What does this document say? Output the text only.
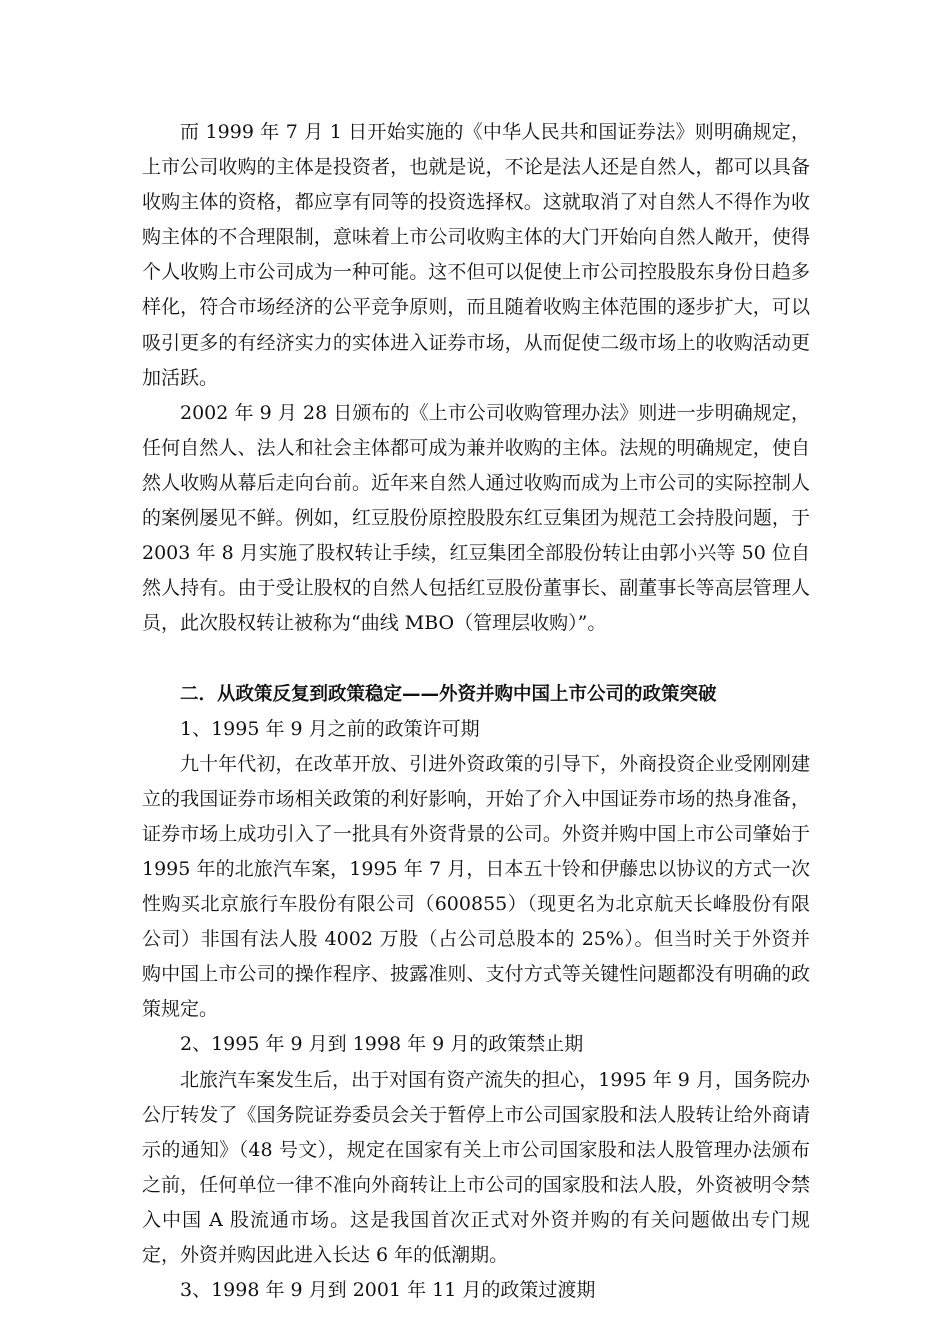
而 1999 年 7 月 1 日开始实施的《中华人民共和国证券法》则明确规定，上市公司收购的主体是投资者，也就是说，不论是法人还是自然人，都可以具备收购主体的资格，都应享有同等的投资选择权。这就取消了对自然人不得作为收购主体的不合理限制，意味着上市公司收购主体的大门开始向自然人敞开，使得个人收购上市公司成为一种可能。这不但可以促使上市公司控股股东身份日趋多样化，符合市场经济的公平竞争原则，而且随着收购主体范围的逐步扩大，可以吸引更多的有经济实力的实体进入证券市场，从而促使二级市场上的收购活动更加活跃。

2002 年 9 月 28 日颁布的《上市公司收购管理办法》则进一步明确规定，任何自然人、法人和社会主体都可成为兼并收购的主体。法规的明确规定，使自然人收购从幕后走向台前。近年来自然人通过收购而成为上市公司的实际控制人的案例屡见不鲜。例如，红豆股份原控股股东红豆集团为规范工会持股问题，于 2003 年 8 月实施了股权转让手续，红豆集团全部股份转让由郭小兴等 50 位自然人持有。由于受让股权的自然人包括红豆股份董事长、副董事长等高层管理人员，此次股权转让被称为“曲线 MBO（管理层收购）”。

二．从政策反复到政策稳定——外资并购中国上市公司的政策突破

1、1995 年 9 月之前的政策许可期

九十年代初，在改革开放、引进外资政策的引导下，外商投资企业受刚刚建立的我国证券市场相关政策的利好影响，开始了介入中国证券市场的热身准备，证券市场上成功引入了一批具有外资背景的公司。外资并购中国上市公司肇始于 1995 年的北旅汽车案，1995 年 7 月，日本五十铃和伊藤忠以协议的方式一次性购买北京旅行车股份有限公司（600855）（现更名为北京航天长峰股份有限公司）非国有法人股 4002 万股（占公司总股本的 25%）。但当时关于外资并购中国上市公司的操作程序、披露准则、支付方式等关键性问题都没有明确的政策规定。

2、1995 年 9 月到 1998 年 9 月的政策禁止期

北旅汽车案发生后，出于对国有资产流失的担心，1995 年 9 月，国务院办公厅转发了《国务院证券委员会关于暂停上市公司国家股和法人股转让给外商请示的通知》（48 号文），规定在国家有关上市公司国家股和法人股管理办法颁布之前，任何单位一律不准向外商转让上市公司的国家股和法人股，外资被明令禁入中国 A 股流通市场。这是我国首次正式对外资并购的有关问题做出专门规定，外资并购因此进入长达 6 年的低潮期。

3、1998 年 9 月到 2001 年 11 月的政策过渡期
